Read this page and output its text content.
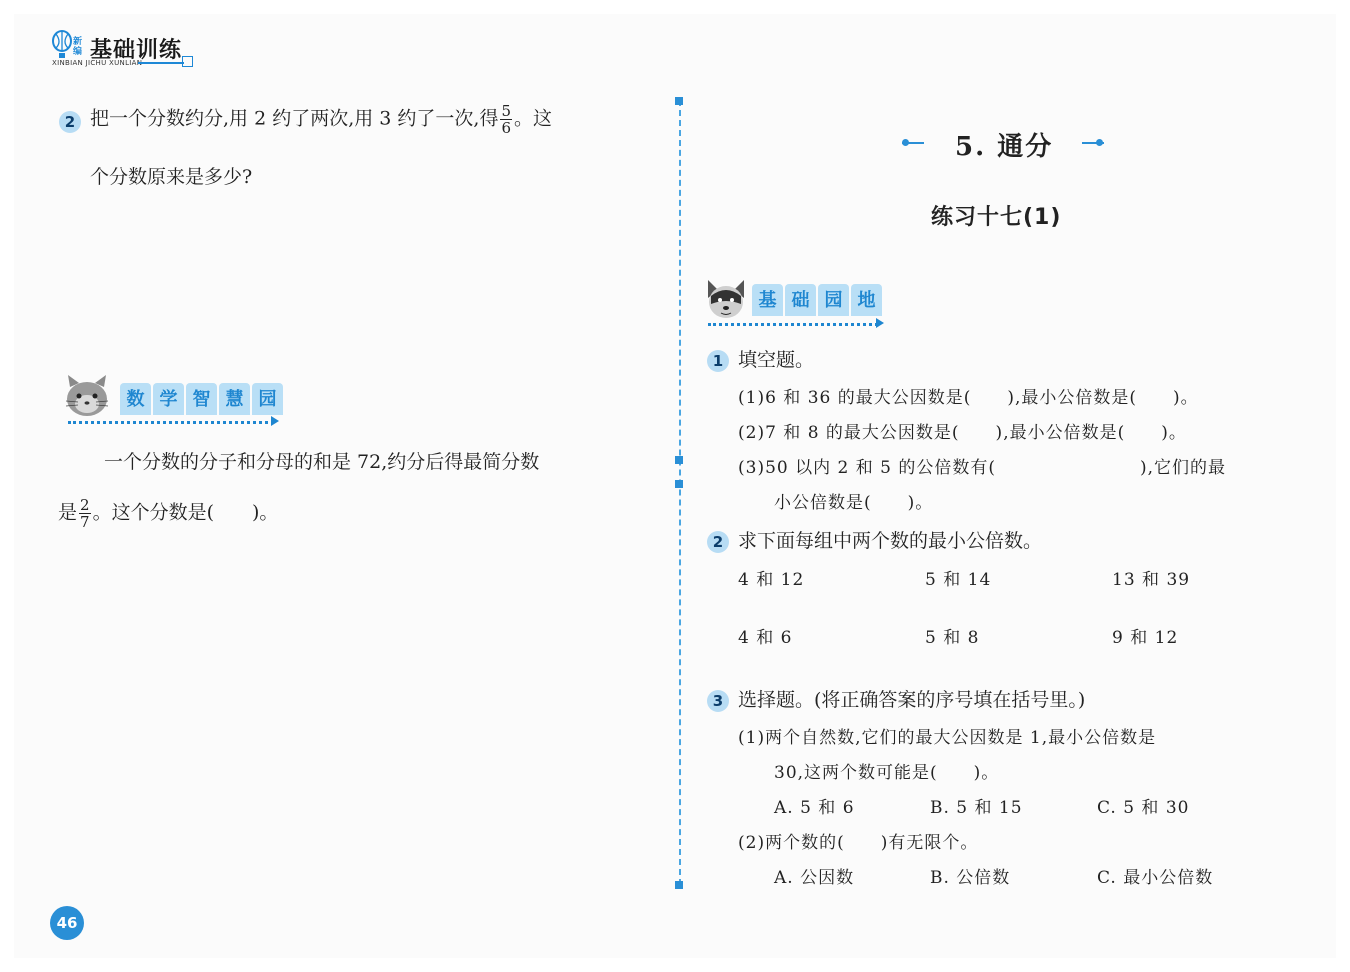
新编 基础训练
XINBIAN JICHU XUNLIAN
2 把一个分数约分,用 2 约了两次,用 3 约了一次,得 $\frac{5}{6}$ 。这
个分数原来是多少?
数 学 智 慧 园
一个分数的分子和分母的和是 72,约分后得最简分数
是 $\frac{2}{7}$ 。这个分数是(　　)。
46
5. 通分
练习十七(1)
基 础 园 地
1 填空题。
(1)6 和 36 的最大公因数是(　　),最小公倍数是(　　)。
(2)7 和 8 的最大公因数是(　　),最小公倍数是(　　)。
(3)50 以内 2 和 5 的公倍数有(　　　　　　　　),它们的最
小公倍数是(　　)。
2 求下面每组中两个数的最小公倍数。
4 和 12	5 和 14	13 和 39
4 和 6	5 和 8	9 和 12
3 选择题。(将正确答案的序号填在括号里。)
(1)两个自然数,它们的最大公因数是 1,最小公倍数是
30,这两个数可能是(　　)。
A. 5 和 6	B. 5 和 15	C. 5 和 30
(2)两个数的(　　)有无限个。
A. 公因数	B. 公倍数	C. 最小公倍数
